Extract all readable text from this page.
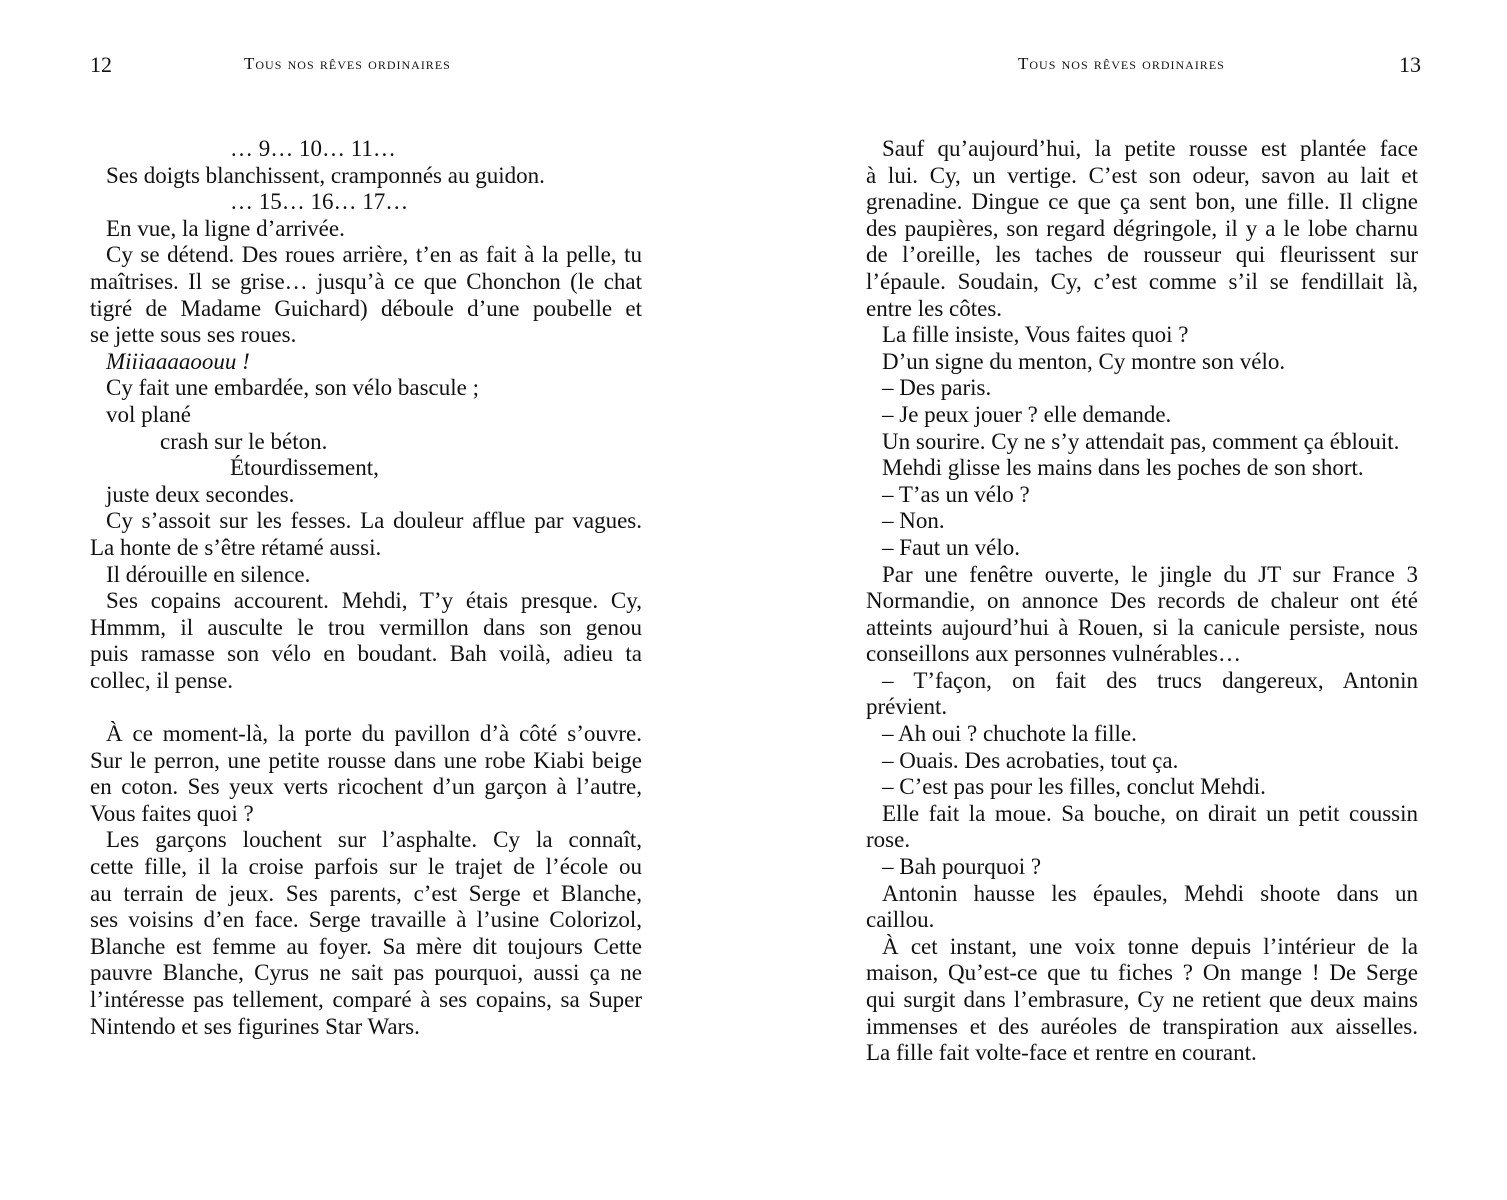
12	Tous nos rêves ordinaires
… 9… 10… 11…
Ses doigts blanchissent, cramponnés au guidon.
… 15… 16… 17…
En vue, la ligne d’arrivée.
Cy se détend. Des roues arrière, t’en as fait à la pelle, tu
maîtrises. Il se grise… jusqu’à ce que Chonchon (le chat
tigré de Madame Guichard) déboule d’une poubelle et
se jette sous ses roues.
Miiiaaaaoouu !
Cy fait une embardée, son vélo bascule ;
vol plané
crash sur le béton.
Étourdissement,
juste deux secondes.
Cy s’assoit sur les fesses. La douleur afflue par vagues.
La honte de s’être rétamé aussi.
Il dérouille en silence.
Ses copains accourent. Mehdi, T’y étais presque. Cy,
Hmmm, il ausculte le trou vermillon dans son genou
puis ramasse son vélo en boudant. Bah voilà, adieu ta
collec, il pense.
À ce moment-là, la porte du pavillon d’à côté s’ouvre.
Sur le perron, une petite rousse dans une robe Kiabi beige
en coton. Ses yeux verts ricochent d’un garçon à l’autre,
Vous faites quoi ?
Les garçons louchent sur l’asphalte. Cy la connaît,
cette fille, il la croise parfois sur le trajet de l’école ou
au terrain de jeux. Ses parents, c’est Serge et Blanche,
ses voisins d’en face. Serge travaille à l’usine Colorizol,
Blanche est femme au foyer. Sa mère dit toujours Cette
pauvre Blanche, Cyrus ne sait pas pourquoi, aussi ça ne
l’intéresse pas tellement, comparé à ses copains, sa Super
Nintendo et ses figurines Star Wars.
Tous nos rêves ordinaires	13
Sauf qu’aujourd’hui, la petite rousse est plantée face
à lui. Cy, un vertige. C’est son odeur, savon au lait et
grenadine. Dingue ce que ça sent bon, une fille. Il cligne
des paupières, son regard dégringole, il y a le lobe charnu
de l’oreille, les taches de rousseur qui fleurissent sur
l’épaule. Soudain, Cy, c’est comme s’il se fendillait là,
entre les côtes.
La fille insiste, Vous faites quoi ?
D’un signe du menton, Cy montre son vélo.
– Des paris.
– Je peux jouer ? elle demande.
Un sourire. Cy ne s’y attendait pas, comment ça éblouit.
Mehdi glisse les mains dans les poches de son short.
– T’as un vélo ?
– Non.
– Faut un vélo.
Par une fenêtre ouverte, le jingle du JT sur France 3
Normandie, on annonce Des records de chaleur ont été
atteints aujourd’hui à Rouen, si la canicule persiste, nous
conseillons aux personnes vulnérables…
– T’façon, on fait des trucs dangereux, Antonin
prévient.
– Ah oui ? chuchote la fille.
– Ouais. Des acrobaties, tout ça.
– C’est pas pour les filles, conclut Mehdi.
Elle fait la moue. Sa bouche, on dirait un petit coussin
rose.
– Bah pourquoi ?
Antonin hausse les épaules, Mehdi shoote dans un
caillou.
À cet instant, une voix tonne depuis l’intérieur de la
maison, Qu’est-ce que tu fiches ? On mange ! De Serge
qui surgit dans l’embrasure, Cy ne retient que deux mains
immenses et des auréoles de transpiration aux aisselles.
La fille fait volte-face et rentre en courant.
